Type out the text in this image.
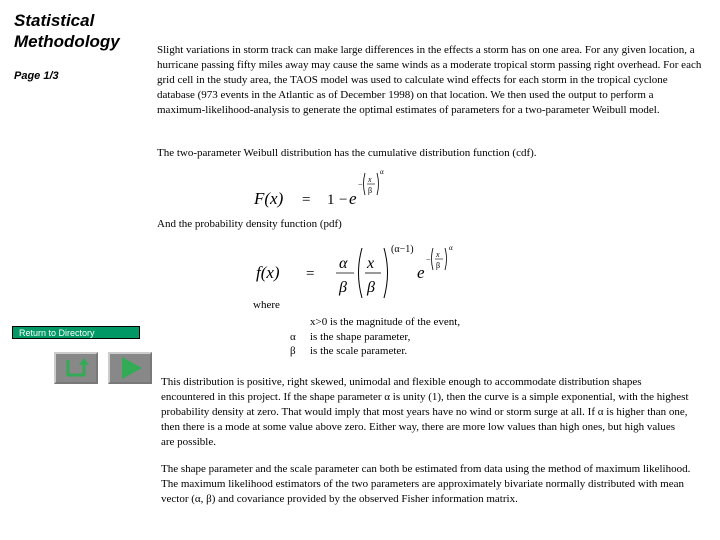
Statistical Methodology
Page 1/3

Slight variations in storm track can make large differences in the effects a storm has on one area. For any given location, a hurricane passing fifty miles away may cause the same winds as a moderate tropical storm passing right overhead. For each grid cell in the study area, the TAOS model was used to calculate wind effects for each storm in the tropical cyclone database (973 events in the Atlantic as of December 1998) on that location. We then used the output to perform a maximum-likelihood-analysis to generate the optimal estimates of parameters for a two-parameter Weibull model.

The two-parameter Weibull distribution has the cumulative distribution function (cdf).

F(x) = 1 − e
−
x
β
α

And the probability density function (pdf)

f(x) =
α
β
x
β
(α−1)
e
−
x
β
α
where
x>0 is the magnitude of the event,
α is the shape parameter,
β is the scale parameter.
Return to Directory

This distribution is positive, right skewed, unimodal and flexible enough to accommodate distribution shapes encountered in this project. If the shape parameter α is unity (1), then the curve is a simple exponential, with the highest probability density at zero. That would imply that most years have no wind or storm surge at all. If α is higher than one, then there is a mode at some value above zero. Either way, there are more low values than high ones, but high values are possible.

The shape parameter and the scale parameter can both be estimated from data using the method of maximum likelihood. The maximum likelihood estimators of the two parameters are approximately bivariate normally distributed with mean vector (α, β) and covariance provided by the observed Fisher information matrix.
